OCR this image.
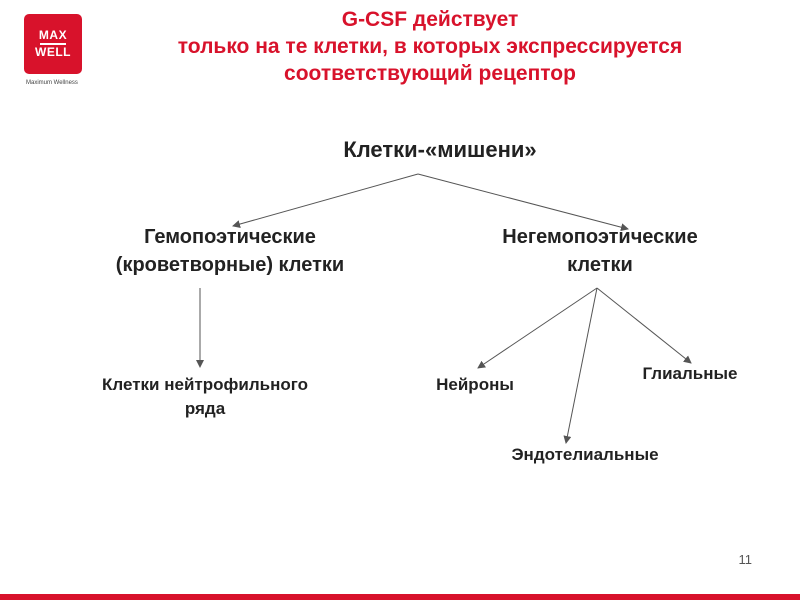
MAX
WELL
Maximum Wellness
G-CSF действует
только на те клетки, в которых экспрессируется
соответствующий рецептор
Клетки-«мишени»
Гемопоэтические
(кроветворные) клетки
Негемопоэтические
клетки
Клетки нейтрофильного
ряда
Нейроны
Глиальные
Эндотелиальные
11
